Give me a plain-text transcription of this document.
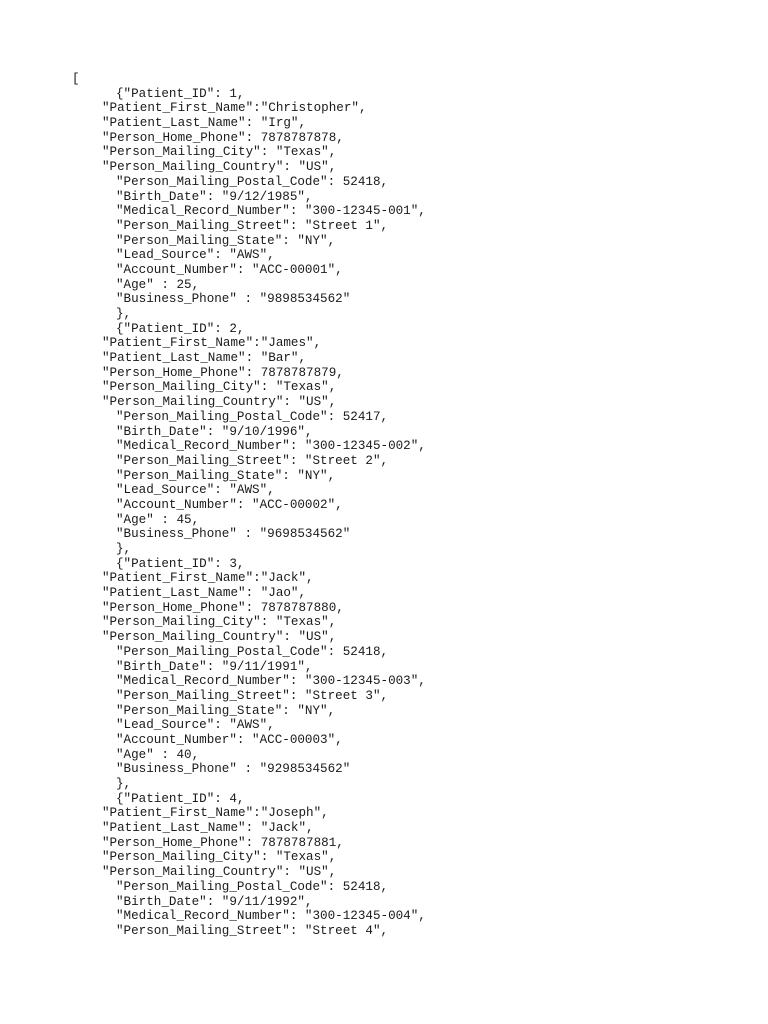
[
{"Patient_ID": 1,
"Patient_First_Name":"Christopher",
"Patient_Last_Name": "Irg",
"Person_Home_Phone": 7878787878,
"Person_Mailing_City": "Texas",
"Person_Mailing_Country": "US",
"Person_Mailing_Postal_Code": 52418,
"Birth_Date": "9/12/1985",
"Medical_Record_Number": "300-12345-001",
"Person_Mailing_Street": "Street 1",
"Person_Mailing_State": "NY",
"Lead_Source": "AWS",
"Account_Number": "ACC-00001",
"Age" : 25,
"Business_Phone" : "9898534562"
},
{"Patient_ID": 2,
"Patient_First_Name":"James",
"Patient_Last_Name": "Bar",
"Person_Home_Phone": 7878787879,
"Person_Mailing_City": "Texas",
"Person_Mailing_Country": "US",
"Person_Mailing_Postal_Code": 52417,
"Birth_Date": "9/10/1996",
"Medical_Record_Number": "300-12345-002",
"Person_Mailing_Street": "Street 2",
"Person_Mailing_State": "NY",
"Lead_Source": "AWS",
"Account_Number": "ACC-00002",
"Age" : 45,
"Business_Phone" : "9698534562"
},
{"Patient_ID": 3,
"Patient_First_Name":"Jack",
"Patient_Last_Name": "Jao",
"Person_Home_Phone": 7878787880,
"Person_Mailing_City": "Texas",
"Person_Mailing_Country": "US",
"Person_Mailing_Postal_Code": 52418,
"Birth_Date": "9/11/1991",
"Medical_Record_Number": "300-12345-003",
"Person_Mailing_Street": "Street 3",
"Person_Mailing_State": "NY",
"Lead_Source": "AWS",
"Account_Number": "ACC-00003",
"Age" : 40,
"Business_Phone" : "9298534562"
},
{"Patient_ID": 4,
"Patient_First_Name":"Joseph",
"Patient_Last_Name": "Jack",
"Person_Home_Phone": 7878787881,
"Person_Mailing_City": "Texas",
"Person_Mailing_Country": "US",
"Person_Mailing_Postal_Code": 52418,
"Birth_Date": "9/11/1992",
"Medical_Record_Number": "300-12345-004",
"Person_Mailing_Street": "Street 4",
